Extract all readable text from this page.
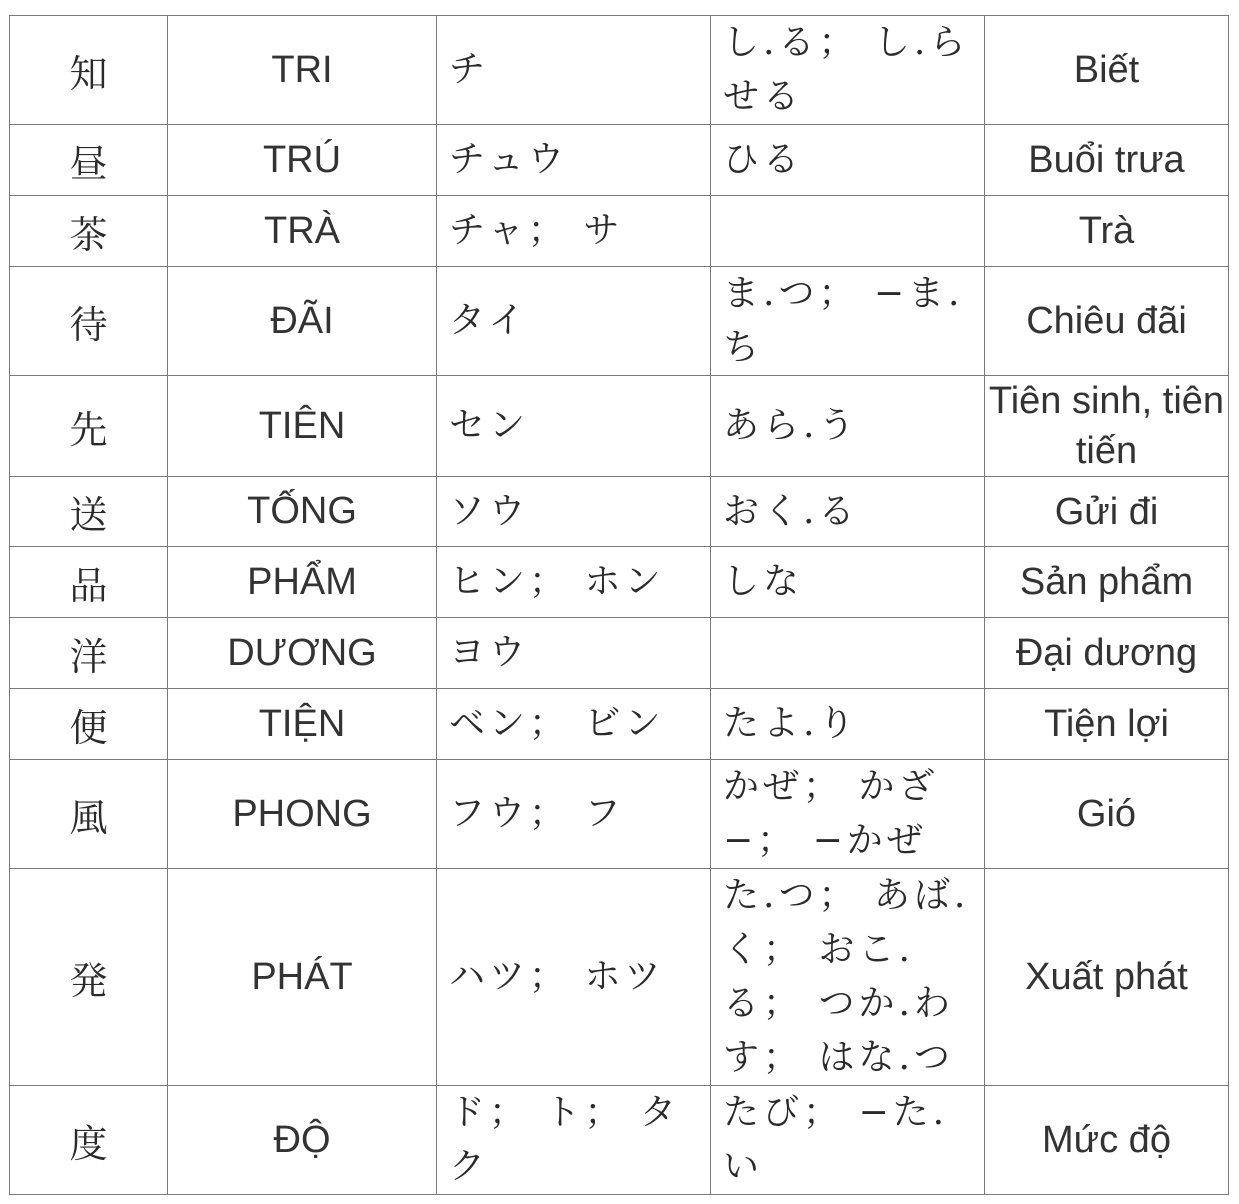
知	TRI	チ	し.る； し.らせる	Biết
昼	TRÚ	チュウ	ひる	Buổi trưa
茶	TRÀ	チャ； サ		Trà
待	ĐÃI	タイ	ま.つ； −ま.ち	Chiêu đãi
先	TIÊN	セン	あら.う	Tiên sinh, tiên tiến
送	TỐNG	ソウ	おく.る	Gửi đi
品	PHẨM	ヒン； ホン	しな	Sản phẩm
洋	DƯƠNG	ヨウ		Đại dương
便	TIỆN	ベン； ビン	たよ.り	Tiện lợi
風	PHONG	フウ； フ	かぜ； かざ−； −かぜ	Gió
発	PHÁT	ハツ； ホツ	た.つ； あば.く； おこ.る； つか.わす； はな.つ	Xuất phát
度	ĐỘ	ド； ト； タク	たび； −た.い	Mức độ
